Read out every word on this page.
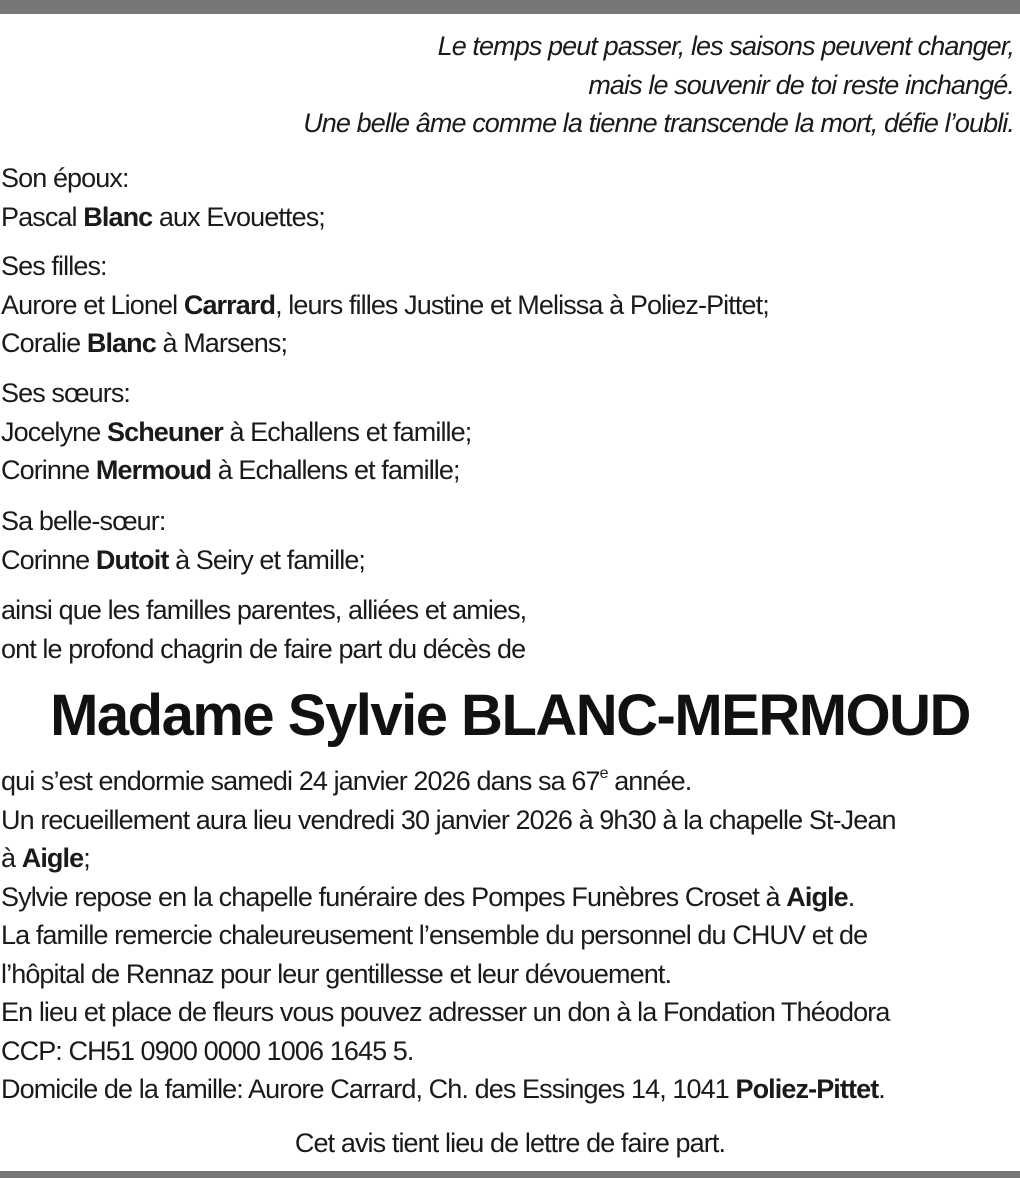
Le temps peut passer, les saisons peuvent changer,
mais le souvenir de toi reste inchangé.
Une belle âme comme la tienne transcende la mort, défie l’oubli.
Son époux:
Pascal Blanc aux Evouettes;
Ses filles:
Aurore et Lionel Carrard, leurs filles Justine et Melissa à Poliez-Pittet;
Coralie Blanc à Marsens;
Ses sœurs:
Jocelyne Scheuner à Echallens et famille;
Corinne Mermoud à Echallens et famille;
Sa belle-sœur:
Corinne Dutoit à Seiry et famille;
ainsi que les familles parentes, alliées et amies,
ont le profond chagrin de faire part du décès de
Madame Sylvie BLANC-MERMOUD
qui s’est endormie samedi 24 janvier 2026 dans sa 67e année.
Un recueillement aura lieu vendredi 30 janvier 2026 à 9h30 à la chapelle St-Jean
à Aigle;
Sylvie repose en la chapelle funéraire des Pompes Funèbres Croset à Aigle.
La famille remercie chaleureusement l’ensemble du personnel du CHUV et de
l’hôpital de Rennaz pour leur gentillesse et leur dévouement.
En lieu et place de fleurs vous pouvez adresser un don à la Fondation Théodora
CCP: CH51 0900 0000 1006 1645 5.
Domicile de la famille: Aurore Carrard, Ch. des Essinges 14, 1041 Poliez-Pittet.
Cet avis tient lieu de lettre de faire part.
